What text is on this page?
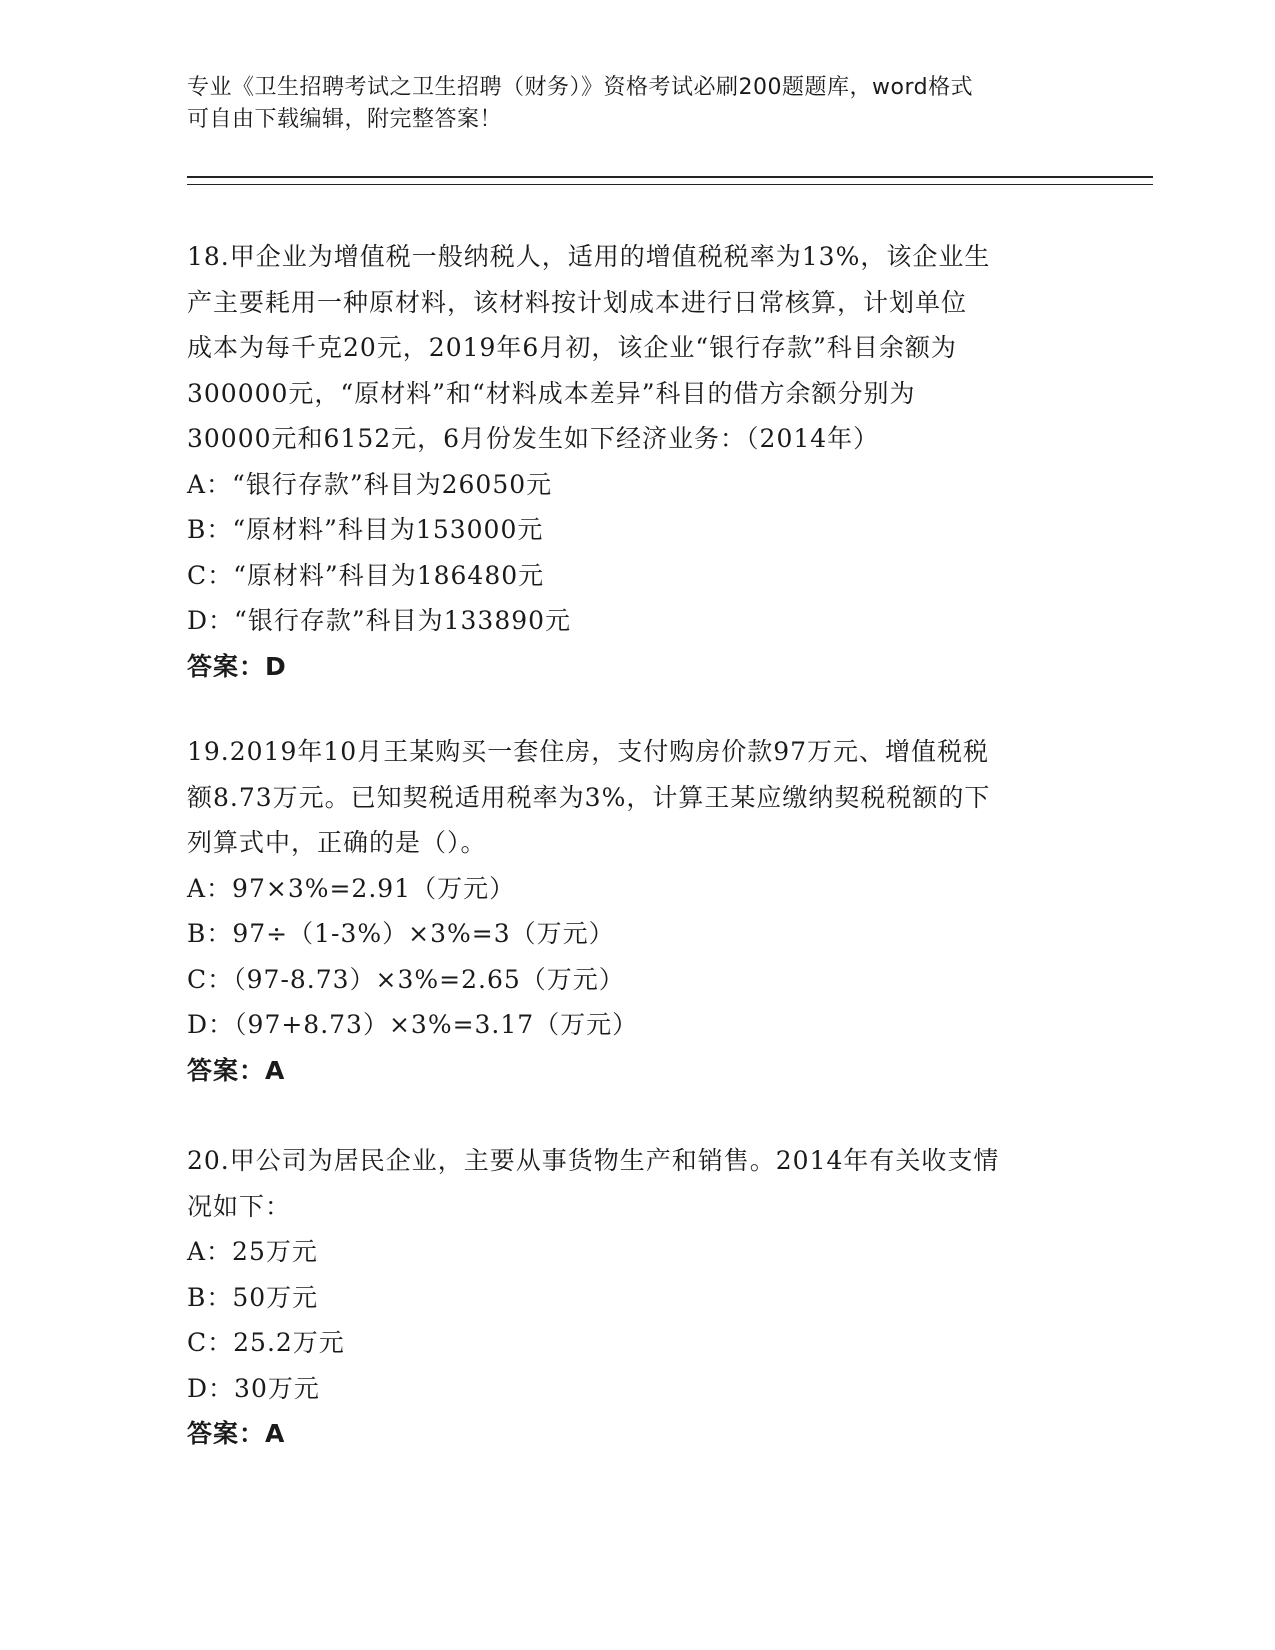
专业《卫生招聘考试之卫生招聘（财务）》资格考试必刷200题题库，word格式
可自由下载编辑，附完整答案！
18.甲企业为增值税一般纳税人，适用的增值税税率为13%，该企业生
产主要耗用一种原材料，该材料按计划成本进行日常核算，计划单位
成本为每千克20元，2019年6月初，该企业“银行存款”科目余额为
300000元，“原材料”和“材料成本差异”科目的借方余额分别为
30000元和6152元，6月份发生如下经济业务：（2014年）
A：“银行存款”科目为26050元
B：“原材料”科目为153000元
C：“原材料”科目为186480元
D：“银行存款”科目为133890元
答案：D
19.2019年10月王某购买一套住房，支付购房价款97万元、增值税税
额8.73万元。已知契税适用税率为3%，计算王某应缴纳契税税额的下
列算式中，正确的是（）。
A：97×3%=2.91（万元）
B：97÷（1-3%）×3%=3（万元）
C：（97-8.73）×3%=2.65（万元）
D：（97+8.73）×3%=3.17（万元）
答案：A
20.甲公司为居民企业，主要从事货物生产和销售。2014年有关收支情
况如下：
A：25万元
B：50万元
C：25.2万元
D：30万元
答案：A
